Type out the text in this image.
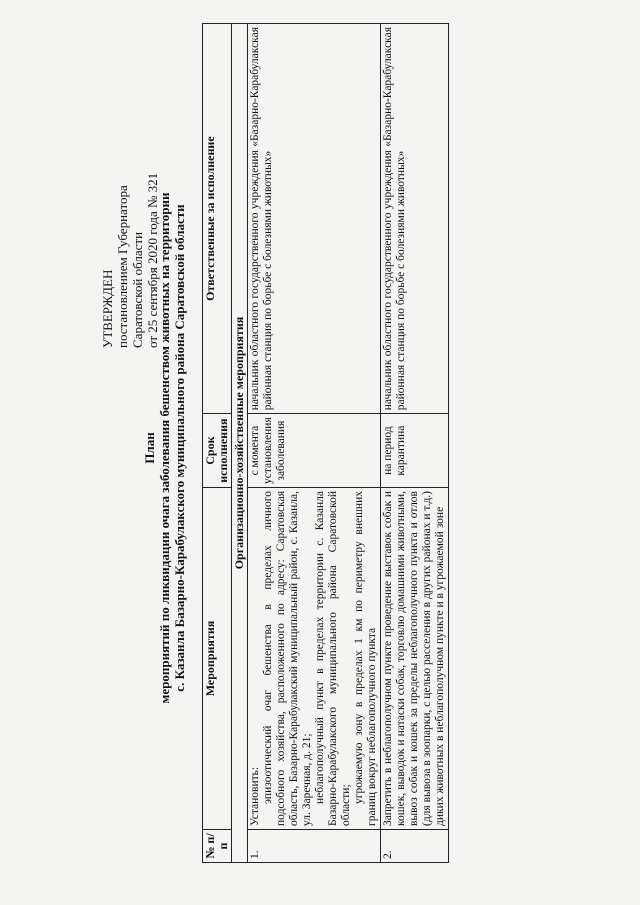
УТВЕРЖДЕН постановлением Губернатора Саратовской области от 25 сентября 2020 года № 321
План мероприятий по ликвидации очага заболевания бешенством животных на территории с. Казанла Базарно-Карабулакского муниципального района Саратовской области
№ п/п	Мероприятия	Срок исполнения	Ответственные за исполнение
Организационно-хозяйственные мероприятия			
1.	Установить: эпизоотический очаг бешенства в пределах личного подсобного хозяйства, расположенного по адресу: Саратовская область, Базарно-Карабулакский муниципальный район, с. Казанла, ул. Заречная, д. 21; неблагополучный пункт в пределах территории с. Казанла Базарно-Карабулакского муниципального района Саратовской области;

угрожаемую зону в пределах 1 км по периметру внешних границ вокруг неблагополучного пункта	с момента установления заболевания	начальник областного государственного учреждения «Базарно-Карабулакская районная станция по борьбе с болезнями животных»
2.	Запретить в неблагополучном пункте проведение выставок собак и кошек, выводок и натаски собак, торговлю домашними животными, вывоз собак и кошек за пределы неблагополучного пункта и отлов (для вывоза в зоопарки, с целью расселения в других районах и т.д.) диких животных в неблагополучном пункте и в угрожаемой зоне	на период карантина	начальник областного государственного учреждения «Базарно-Карабулакская районная станция по борьбе с болезнями животных»
